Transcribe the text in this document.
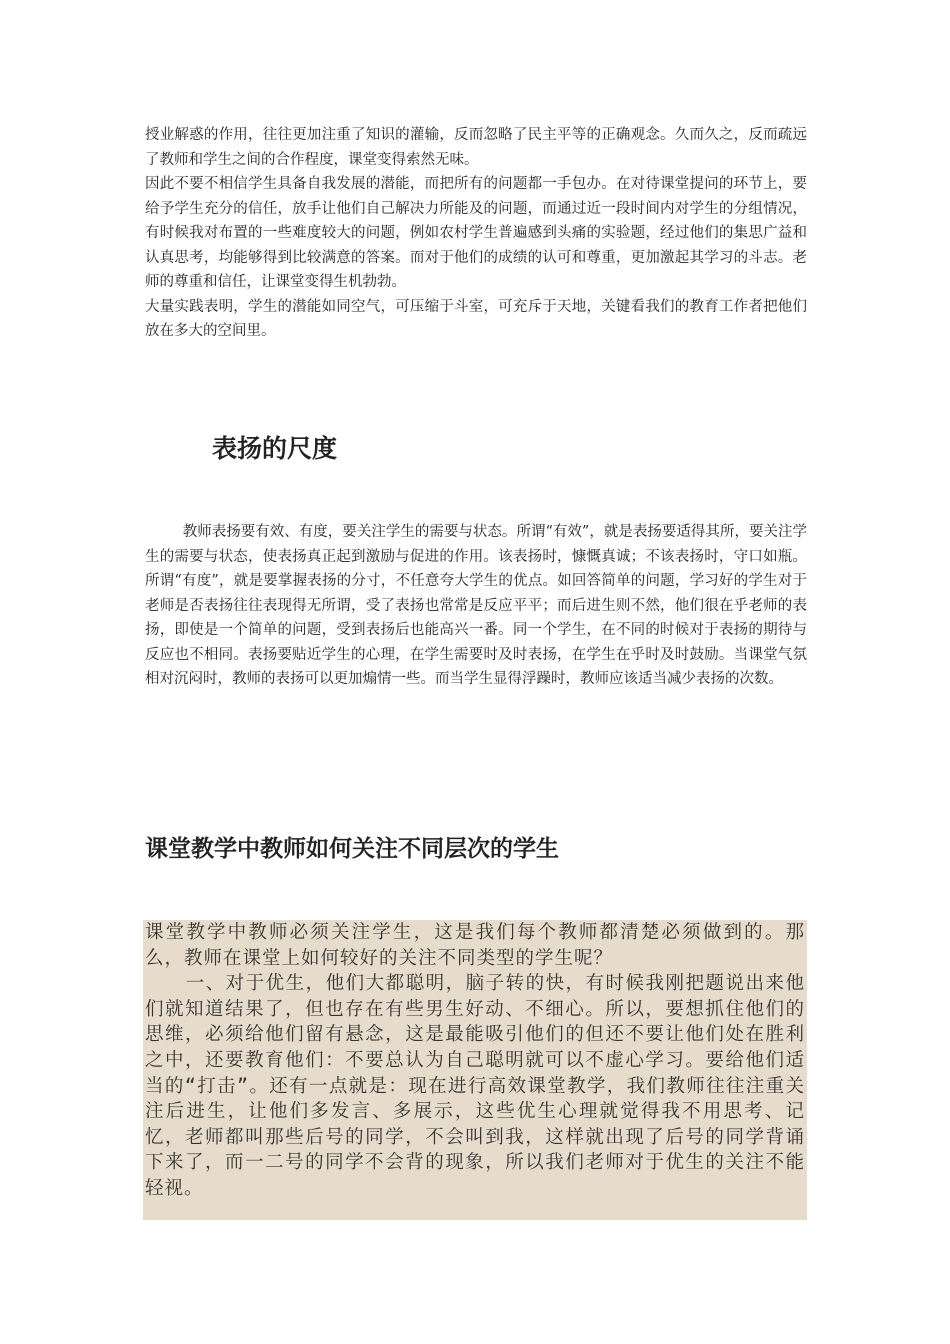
授业解惑的作用，往往更加注重了知识的灌输，反而忽略了民主平等的正确观念。久而久之，反而疏远了教师和学生之间的合作程度，课堂变得索然无味。

因此不要不相信学生具备自我发展的潜能，而把所有的问题都一手包办。在对待课堂提问的环节上，要给予学生充分的信任，放手让他们自己解决力所能及的问题，而通过近一段时间内对学生的分组情况，有时候我对布置的一些难度较大的问题，例如农村学生普遍感到头痛的实验题，经过他们的集思广益和认真思考，均能够得到比较满意的答案。而对于他们的成绩的认可和尊重，更加激起其学习的斗志。老师的尊重和信任，让课堂变得生机勃勃。

大量实践表明，学生的潜能如同空气，可压缩于斗室，可充斥于天地，关键看我们的教育工作者把他们放在多大的空间里。

表扬的尺度

教师表扬要有效、有度，要关注学生的需要与状态。所谓“有效”，就是表扬要适得其所，要关注学生的需要与状态，使表扬真正起到激励与促进的作用。该表扬时，慷慨真诚；不该表扬时，守口如瓶。所谓“有度”，就是要掌握表扬的分寸，不任意夸大学生的优点。如回答简单的问题，学习好的学生对于老师是否表扬往往表现得无所谓，受了表扬也常常是反应平平；而后进生则不然，他们很在乎老师的表扬，即使是一个简单的问题，受到表扬后也能高兴一番。同一个学生，在不同的时候对于表扬的期待与反应也不相同。表扬要贴近学生的心理，在学生需要时及时表扬，在学生在乎时及时鼓励。当课堂气氛相对沉闷时，教师的表扬可以更加煽情一些。而当学生显得浮躁时，教师应该适当减少表扬的次数。

课堂教学中教师如何关注不同层次的学生

课堂教学中教师必须关注学生，这是我们每个教师都清楚必须做到的。那么，教师在课堂上如何较好的关注不同类型的学生呢？

一、对于优生，他们大都聪明，脑子转的快，有时候我刚把题说出来他们就知道结果了，但也存在有些男生好动、不细心。所以，要想抓住他们的思维，必须给他们留有悬念，这是最能吸引他们的但还不要让他们处在胜利之中，还要教育他们：不要总认为自己聪明就可以不虚心学习。要给他们适当的“打击”。还有一点就是：现在进行高效课堂教学，我们教师往往注重关注后进生，让他们多发言、多展示，这些优生心理就觉得我不用思考、记忆，老师都叫那些后号的同学，不会叫到我，这样就出现了后号的同学背诵下来了，而一二号的同学不会背的现象，所以我们老师对于优生的关注不能轻视。
